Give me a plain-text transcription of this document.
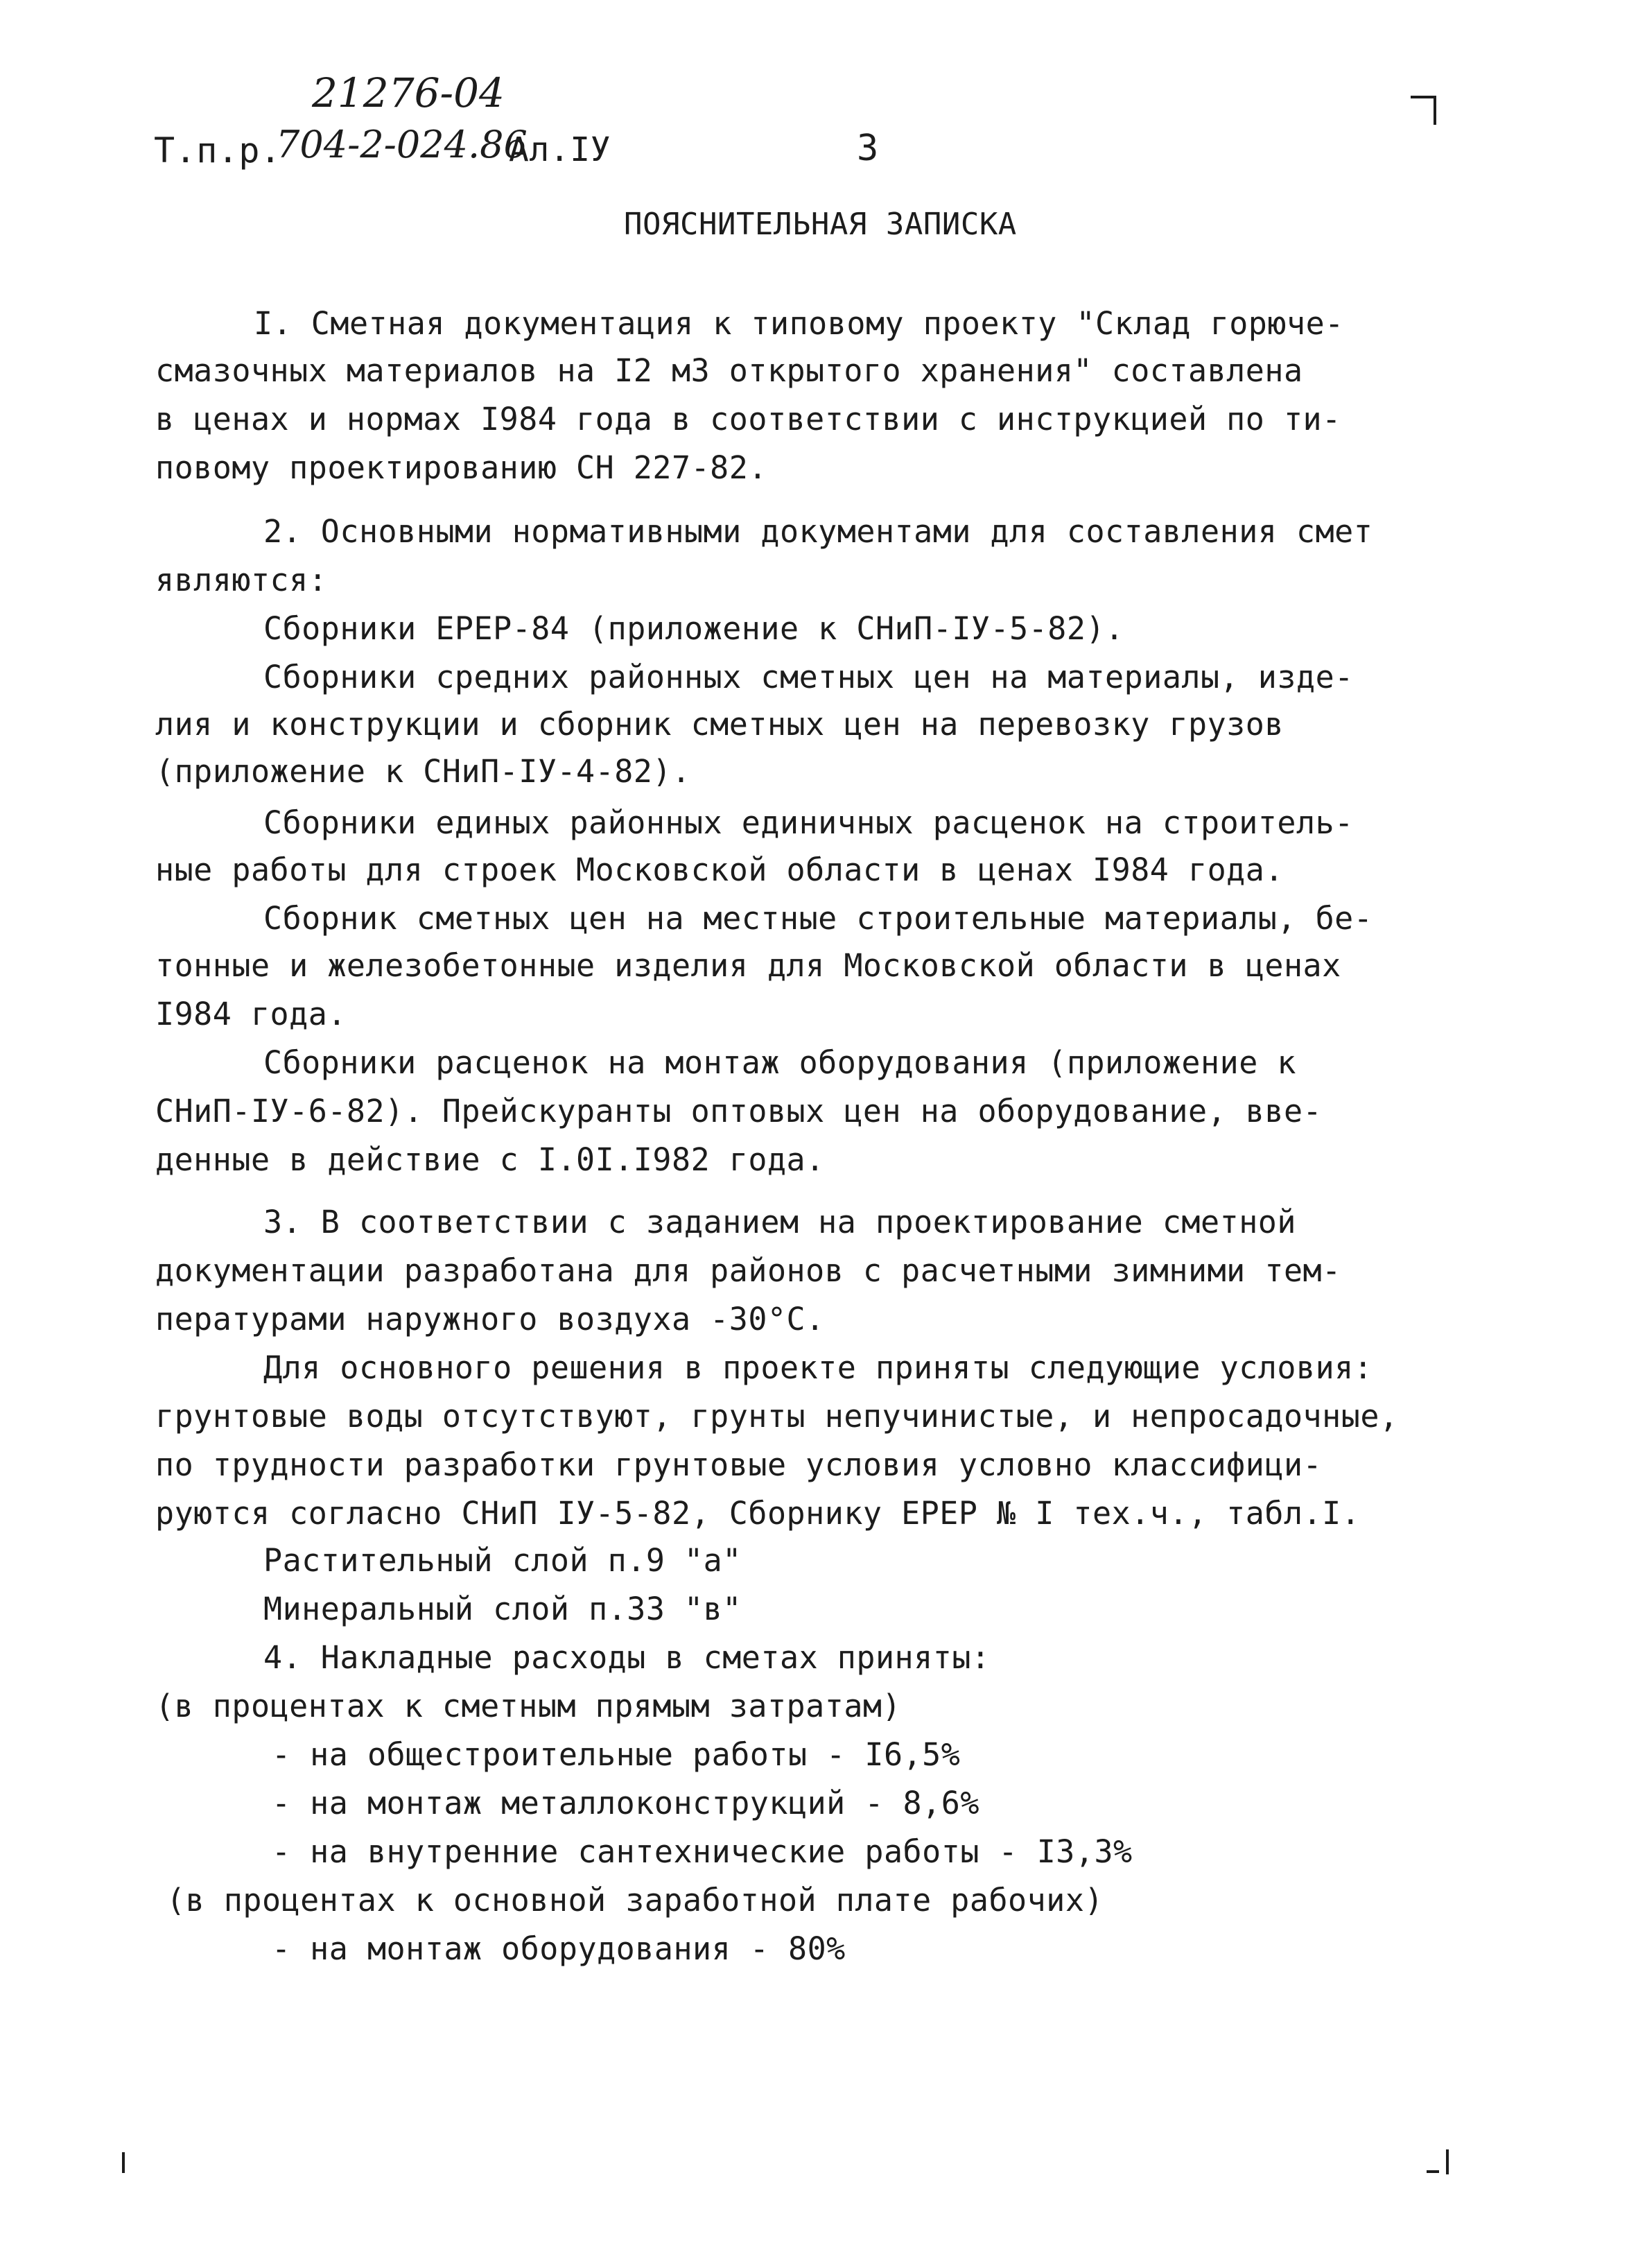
21276-04
Т.п.р.
704-2-024.86
Ал.IУ	3
ПОЯСНИТЕЛЬНАЯ ЗАПИСКА
I. Сметная документация к типовому проекту "Склад горюче-
смазочных материалов на I2 м3 открытого хранения" составлена
в ценах и нормах I984 года в соответствии с инструкцией по ти-
повому проектированию СН 227-82.
2. Основными нормативными документами для составления смет
являются:
Сборники ЕРЕР-84 (приложение к СНиП-IУ-5-82).
Сборники средних районных сметных цен на материалы, изде-
лия и конструкции и сборник сметных цен на перевозку грузов
(приложение к СНиП-IУ-4-82).
Сборники единых районных единичных расценок на строитель-
ные работы для строек Московской области в ценах I984 года.
Сборник сметных цен на местные строительные материалы, бе-
тонные и железобетонные изделия для Московской области в ценах
I984 года.
Сборники расценок на монтаж оборудования (приложение к
СНиП-IУ-6-82). Прейскуранты оптовых цен на оборудование, вве-
денные в действие с I.0I.I982 года.
3. В соответствии с заданием на проектирование сметной
документации разработана для районов с расчетными зимними тем-
пературами наружного воздуха -30°С.
Для основного решения в проекте приняты следующие условия:
грунтовые воды отсутствуют, грунты непучинистые, и непросадочные,
по трудности разработки грунтовые условия условно классифици-
руются согласно СНиП IУ-5-82, Сборнику ЕРЕР № I тех.ч., табл.I.
Растительный слой п.9 "а"
Минеральный слой п.33 "в"
4. Накладные расходы в сметах приняты:
(в процентах к сметным прямым затратам)
- на общестроительные работы - I6,5%
- на монтаж металлоконструкций - 8,6%
- на внутренние сантехнические работы - I3,3%
(в процентах к основной заработной плате рабочих)
- на монтаж оборудования - 80%
